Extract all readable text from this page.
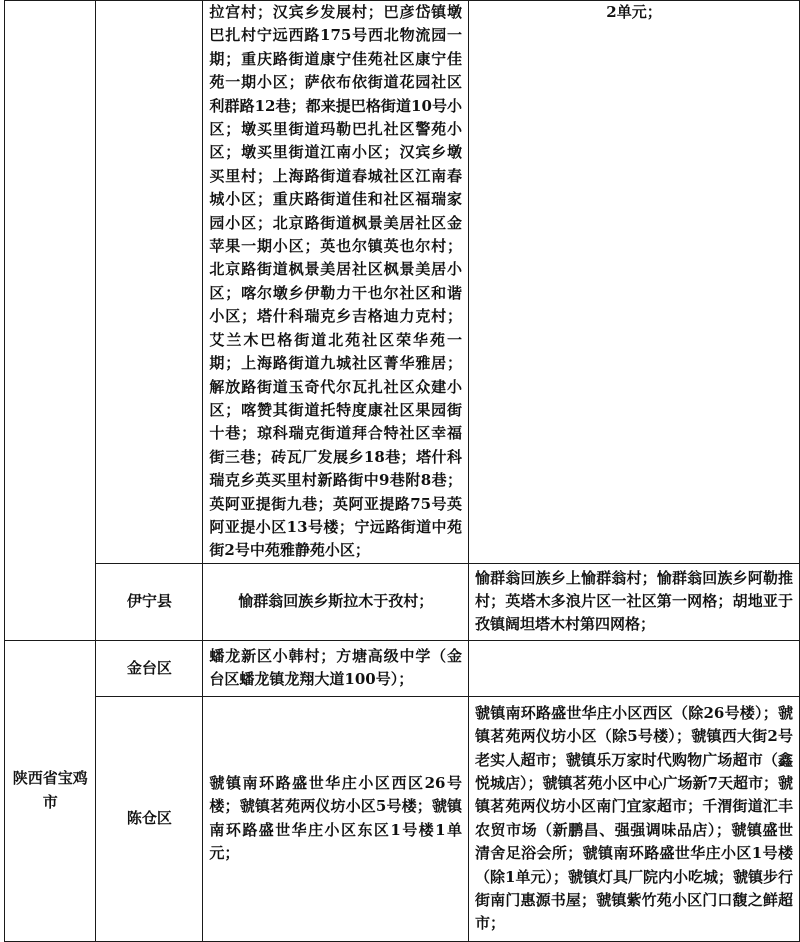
		拉宫村；汉宾乡发展村；巴彦岱镇墩巴扎村宁远西路175号西北物流园一期；重庆路街道康宁佳苑社区康宁佳苑一期小区；萨依布依街道花园社区利群路12巷；都来提巴格街道10号小区；墩买里街道玛勒巴扎社区警苑小区；墩买里街道江南小区；汉宾乡墩买里村；上海路街道春城社区江南春城小区；重庆路街道佳和社区福瑞家园小区；北京路街道枫景美居社区金苹果一期小区；英也尔镇英也尔村；北京路街道枫景美居社区枫景美居小区；喀尔墩乡伊勒力干也尔社区和谐小区；塔什科瑞克乡吉格迪力克村；艾兰木巴格街道北苑社区荣华苑一期；上海路街道九城社区菁华雅居；解放路街道玉奇代尔瓦扎社区众建小区；喀赞其街道托特度康社区果园街十巷；琼科瑞克街道拜合特社区幸福街三巷；砖瓦厂发展乡18巷；塔什科瑞克乡英买里村新路街中9巷附8巷；英阿亚提街九巷；英阿亚提路75号英阿亚提小区13号楼；宁远路街道中苑街2号中苑雅静苑小区；	2单元；
	伊宁县	愉群翁回族乡斯拉木于孜村；	愉群翁回族乡上愉群翁村；愉群翁回族乡阿勒推村；英塔木多浪片区一社区第一网格；胡地亚于孜镇阔坦塔木村第四网格；
陕西省宝鸡市	金台区	蟠龙新区小韩村；方塘高级中学（金台区蟠龙镇龙翔大道100号）；	
	陈仓区	虢镇南环路盛世华庄小区西区26号楼；虢镇茗苑两仪坊小区5号楼；虢镇南环路盛世华庄小区东区1号楼1单元；	虢镇南环路盛世华庄小区西区（除26号楼）；虢镇茗苑两仪坊小区（除5号楼）；虢镇西大街2号老实人超市；虢镇乐万家时代购物广场超市（鑫悦城店）；虢镇茗苑小区中心广场新7天超市；虢镇茗苑两仪坊小区南门宜家超市；千渭街道汇丰农贸市场（新鹏昌、强强调味品店）；虢镇盛世清舍足浴会所；虢镇南环路盛世华庄小区1号楼（除1单元）；虢镇灯具厂院内小吃城；虢镇步行街南门惠源书屋；虢镇紫竹苑小区门口馥之鲜超市；
